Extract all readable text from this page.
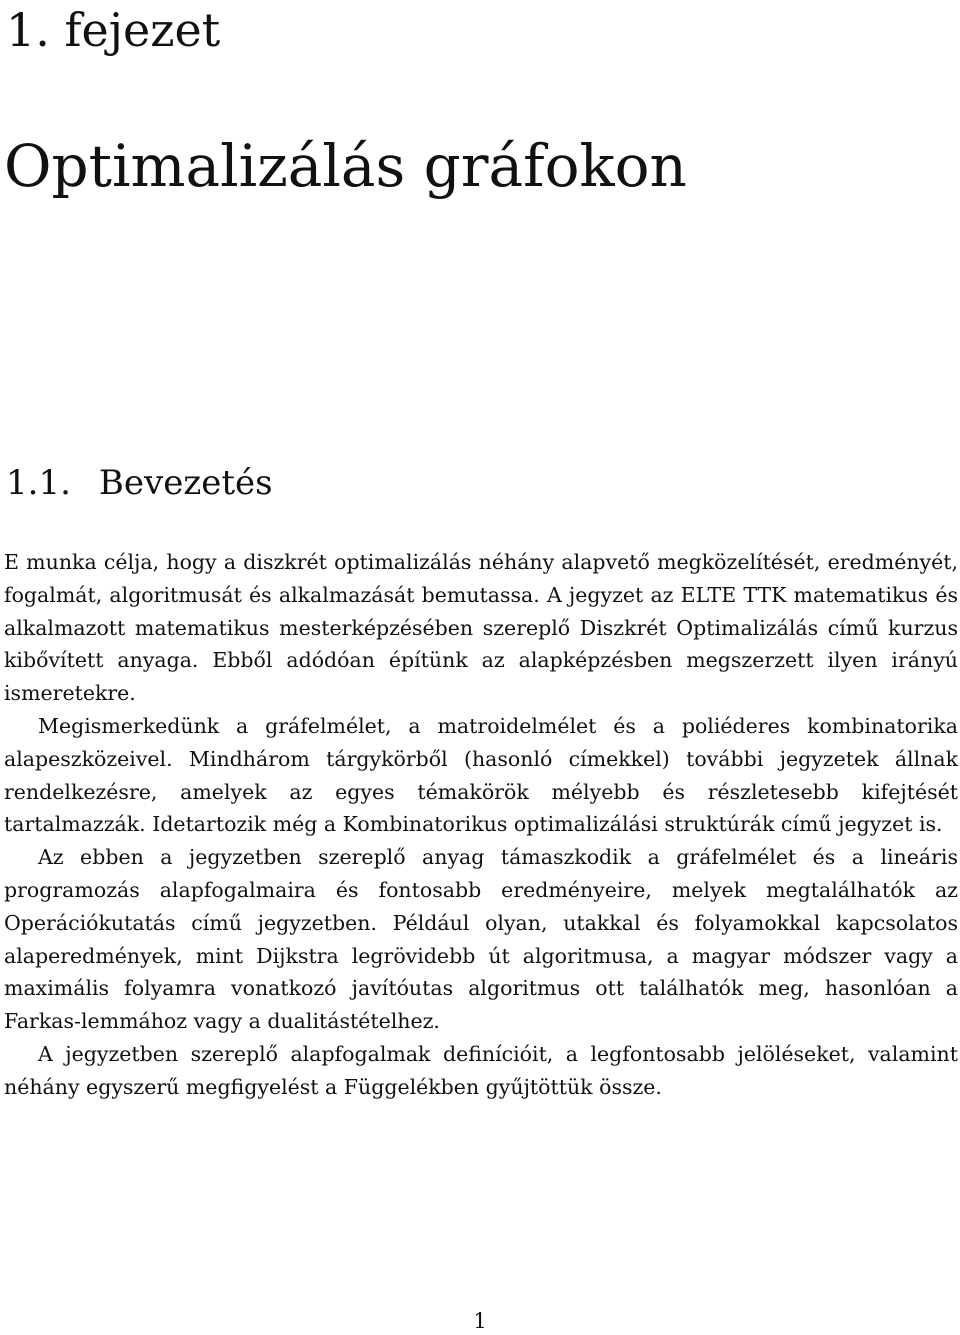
1. fejezet
Optimalizálás gráfokon
1.1. Bevezetés

E munka célja, hogy a diszkrét optimalizálás néhány alapvető megközelítését, eredményét, fogalmát, algoritmusát és alkalmazását bemutassa. A jegyzet az ELTE TTK matematikus és alkalmazott matematikus mesterképzésében szereplő Diszkrét Optimalizálás című kurzus kibővített anyaga. Ebből adódóan építünk az alapképzésben megszerzett ilyen irányú ismeretekre.

Megismerkedünk a gráfelmélet, a matroidelmélet és a poliéderes kombinatorika alapeszközeivel. Mindhárom tárgykörből (hasonló címekkel) további jegyzetek állnak rendelkezésre, amelyek az egyes témakörök mélyebb és részletesebb kifejtését tartalmazzák. Idetartozik még a Kombinatorikus optimalizálási struktúrák című jegyzet is.

Az ebben a jegyzetben szereplő anyag támaszkodik a gráfelmélet és a lineáris programozás alapfogalmaira és fontosabb eredményeire, melyek megtalálhatók az Operációkutatás című jegyzetben. Például olyan, utakkal és folyamokkal kapcsolatos alaperedmények, mint Dijkstra legrövidebb út algoritmusa, a magyar módszer vagy a maximális folyamra vonatkozó javítóutas algoritmus ott találhatók meg, hasonlóan a Farkas-lemmához vagy a dualitástételhez.

A jegyzetben szereplő alapfogalmak definícióit, a legfontosabb jelöléseket, valamint néhány egyszerű megfigyelést a Függelékben gyűjtöttük össze.

1
